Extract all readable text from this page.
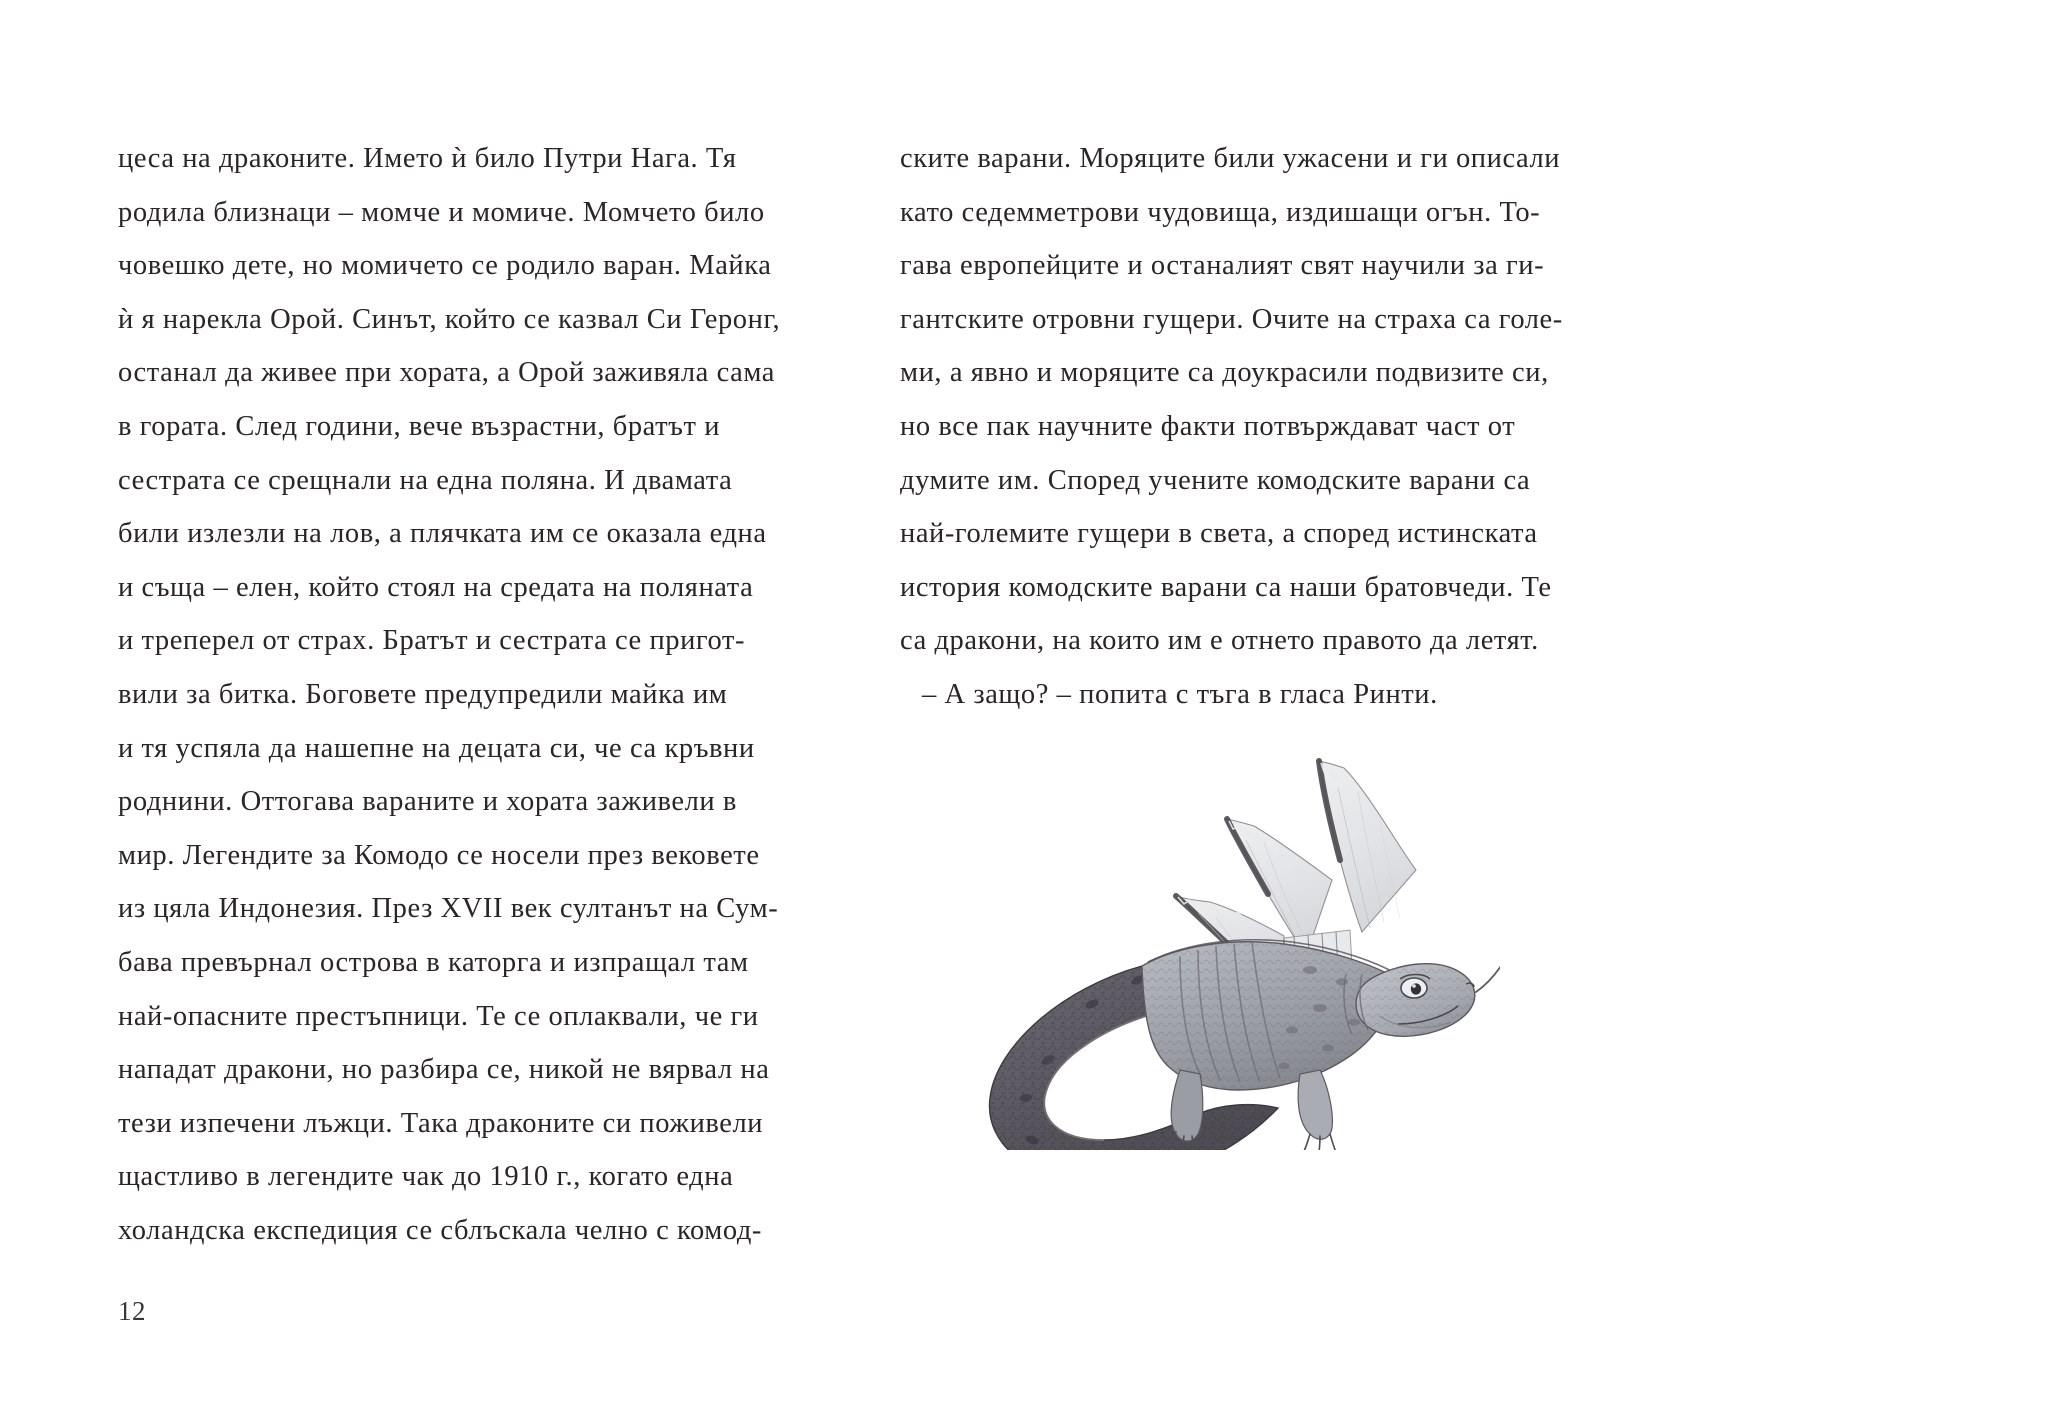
цеса на драконите. Името ѝ било Путри Нага. Тя
родила близнаци – момче и момиче. Момчето било
човешко дете, но момичето се родило варан. Майка
ѝ я нарекла Орой. Синът, който се казвал Си Геронг,
останал да живее при хората, а Орой заживяла сама
в гората. След години, вече възрастни, братът и
сестрата се срещнали на една поляна. И двамата
били излезли на лов, а плячката им се оказала една
и съща – елен, който стоял на средата на поляната
и треперел от страх. Братът и сестрата се пригот-
вили за битка. Боговете предупредили майка им
и тя успяла да нашепне на децата си, че са кръвни
роднини. Оттогава вараните и хората заживели в
мир. Легендите за Комодо се носели през вековете
из цяла Индонезия. През XVII век султанът на Сум-
бава превърнал острова в каторга и изпращал там
най-опасните престъпници. Те се оплаквали, че ги
нападат дракони, но разбира се, никой не вярвал на
тези изпечени лъжци. Така драконите си поживели
щастливо в легендите чак до 1910 г., когато една
холандска експедиция се сблъскала челно с комод-
ските варани. Моряците били ужасени и ги описали
като седемметрови чудовища, издишащи огън. То-
гава европейците и останалият свят научили за ги-
гантските отровни гущери. Очите на страха са голе-
ми, а явно и моряците са доукрасили подвизите си,
но все пак научните факти потвърждават част от
думите им. Според учените комодските варани са
най-големите гущери в света, а според истинската
история комодските варани са наши братовчеди. Те
са дракони, на които им е отнето правото да летят.
– А защо? – попита с тъга в гласа Ринти.
12
